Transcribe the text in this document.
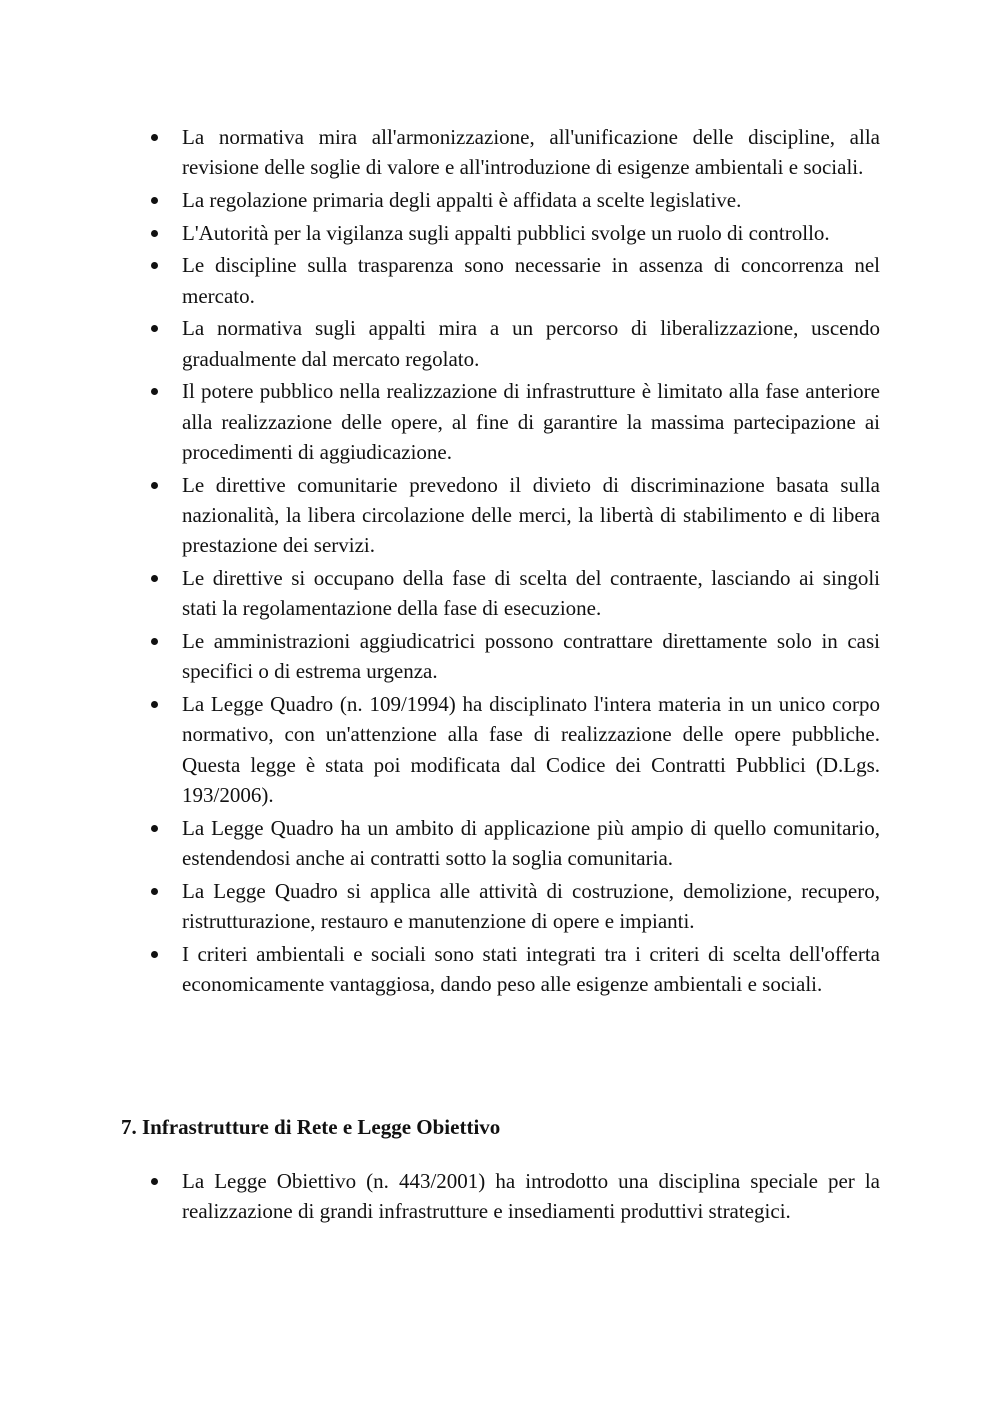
La normativa mira all'armonizzazione, all'unificazione delle discipline, alla revisione delle soglie di valore e all'introduzione di esigenze ambientali e sociali.
La regolazione primaria degli appalti è affidata a scelte legislative.
L'Autorità per la vigilanza sugli appalti pubblici svolge un ruolo di controllo.
Le discipline sulla trasparenza sono necessarie in assenza di concorrenza nel mercato.
La normativa sugli appalti mira a un percorso di liberalizzazione, uscendo gradualmente dal mercato regolato.
Il potere pubblico nella realizzazione di infrastrutture è limitato alla fase anteriore alla realizzazione delle opere, al fine di garantire la massima partecipazione ai procedimenti di aggiudicazione.
Le direttive comunitarie prevedono il divieto di discriminazione basata sulla nazionalità, la libera circolazione delle merci, la libertà di stabilimento e di libera prestazione dei servizi.
Le direttive si occupano della fase di scelta del contraente, lasciando ai singoli stati la regolamentazione della fase di esecuzione.
Le amministrazioni aggiudicatrici possono contrattare direttamente solo in casi specifici o di estrema urgenza.
La Legge Quadro (n. 109/1994) ha disciplinato l'intera materia in un unico corpo normativo, con un'attenzione alla fase di realizzazione delle opere pubbliche. Questa legge è stata poi modificata dal Codice dei Contratti Pubblici (D.Lgs. 193/2006).
La Legge Quadro ha un ambito di applicazione più ampio di quello comunitario, estendendosi anche ai contratti sotto la soglia comunitaria.
La Legge Quadro si applica alle attività di costruzione, demolizione, recupero, ristrutturazione, restauro e manutenzione di opere e impianti.
I criteri ambientali e sociali sono stati integrati tra i criteri di scelta dell'offerta economicamente vantaggiosa, dando peso alle esigenze ambientali e sociali.
7. Infrastrutture di Rete e Legge Obiettivo
La Legge Obiettivo (n. 443/2001) ha introdotto una disciplina speciale per la realizzazione di grandi infrastrutture e insediamenti produttivi strategici.
